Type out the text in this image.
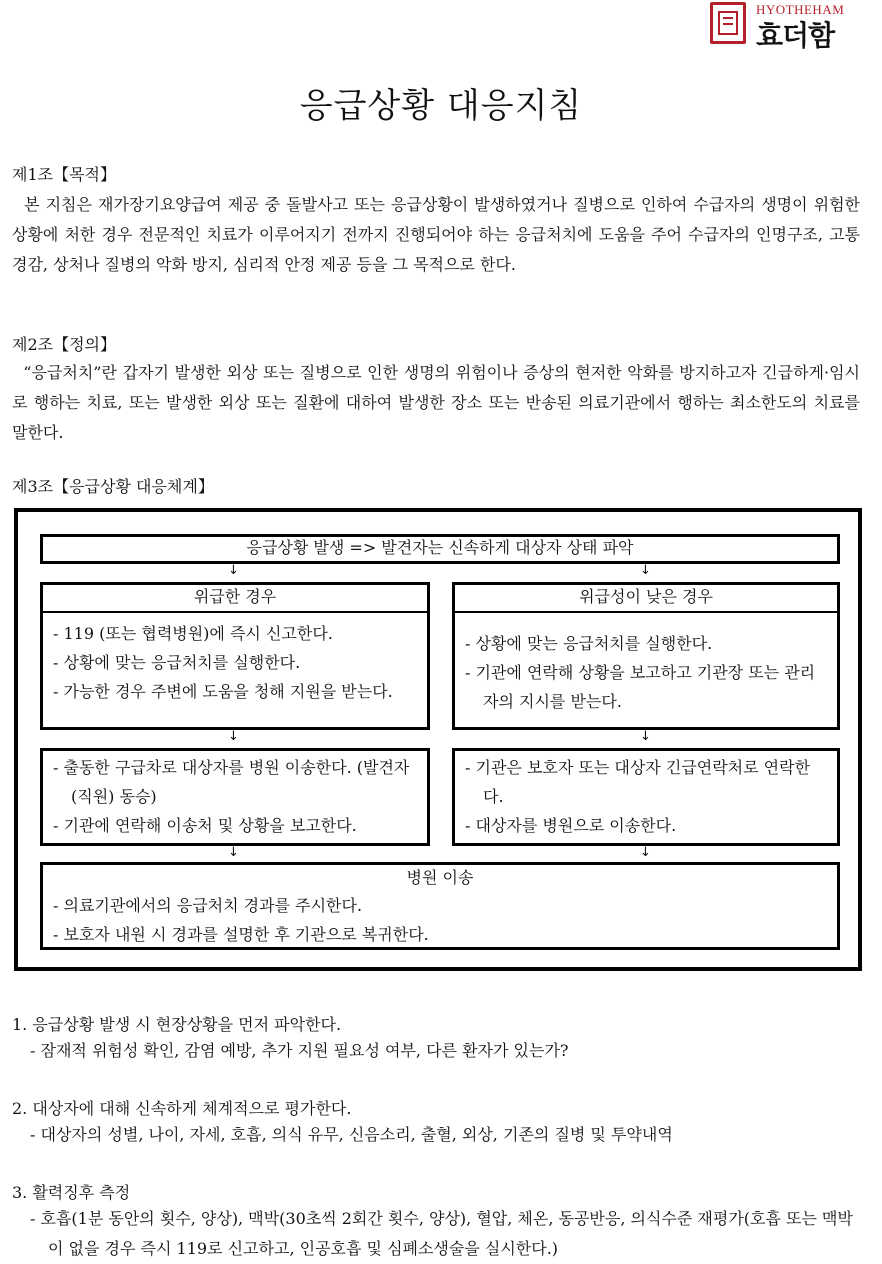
HYOTHEHAM
효더함
응급상황 대응지침
제1조【목적】

본 지침은 재가장기요양급여 제공 중 돌발사고 또는 응급상황이 발생하였거나 질병으로 인하여 수급자의 생명이 위험한 상황에 처한 경우 전문적인 치료가 이루어지기 전까지 진행되어야 하는 응급처치에 도움을 주어 수급자의 인명구조, 고통 경감, 상처나 질병의 악화 방지, 심리적 안정 제공 등을 그 목적으로 한다.

제2조【정의】

“응급처치”란 갑자기 발생한 외상 또는 질병으로 인한 생명의 위험이나 증상의 현저한 악화를 방지하고자 긴급하게·임시로 행하는 치료, 또는 발생한 외상 또는 질환에 대하여 발생한 장소 또는 반송된 의료기관에서 행하는 최소한도의 치료를 말한다.

제3조【응급상황 대응체계】
응급상황 발생 => 발견자는 신속하게 대상자 상태 파악
↓	↓
위급한 경우
- 119 (또는 협력병원)에 즉시 신고한다.
- 상황에 맞는 응급처치를 실행한다.
- 가능한 경우 주변에 도움을 청해 지원을 받는다.
위급성이 낮은 경우
- 상황에 맞는 응급처치를 실행한다.
- 기관에 연락해 상황을 보고하고 기관장 또는 관리자의 지시를 받는다.
↓	↓
- 출동한 구급차로 대상자를 병원 이송한다. (발견자(직원) 동승)
- 기관에 연락해 이송처 및 상황을 보고한다.
- 기관은 보호자 또는 대상자 긴급연락처로 연락한다.
- 대상자를 병원으로 이송한다.
↓	↓
병원 이송
- 의료기관에서의 응급처치 경과를 주시한다.
- 보호자 내원 시 경과를 설명한 후 기관으로 복귀한다.
1. 응급상황 발생 시 현장상황을 먼저 파악한다.

- 잠재적 위험성 확인, 감염 예방, 추가 지원 필요성 여부, 다른 환자가 있는가?

2. 대상자에 대해 신속하게 체계적으로 평가한다.

- 대상자의 성별, 나이, 자세, 호흡, 의식 유무, 신음소리, 출혈, 외상, 기존의 질병 및 투약내역

3. 활력징후 측정

- 호흡(1분 동안의 횟수, 양상), 맥박(30초씩 2회간 횟수, 양상), 혈압, 체온, 동공반응, 의식수준 재평가(호흡 또는 맥박이 없을 경우 즉시 119로 신고하고, 인공호흡 및 심폐소생술을 실시한다.)
